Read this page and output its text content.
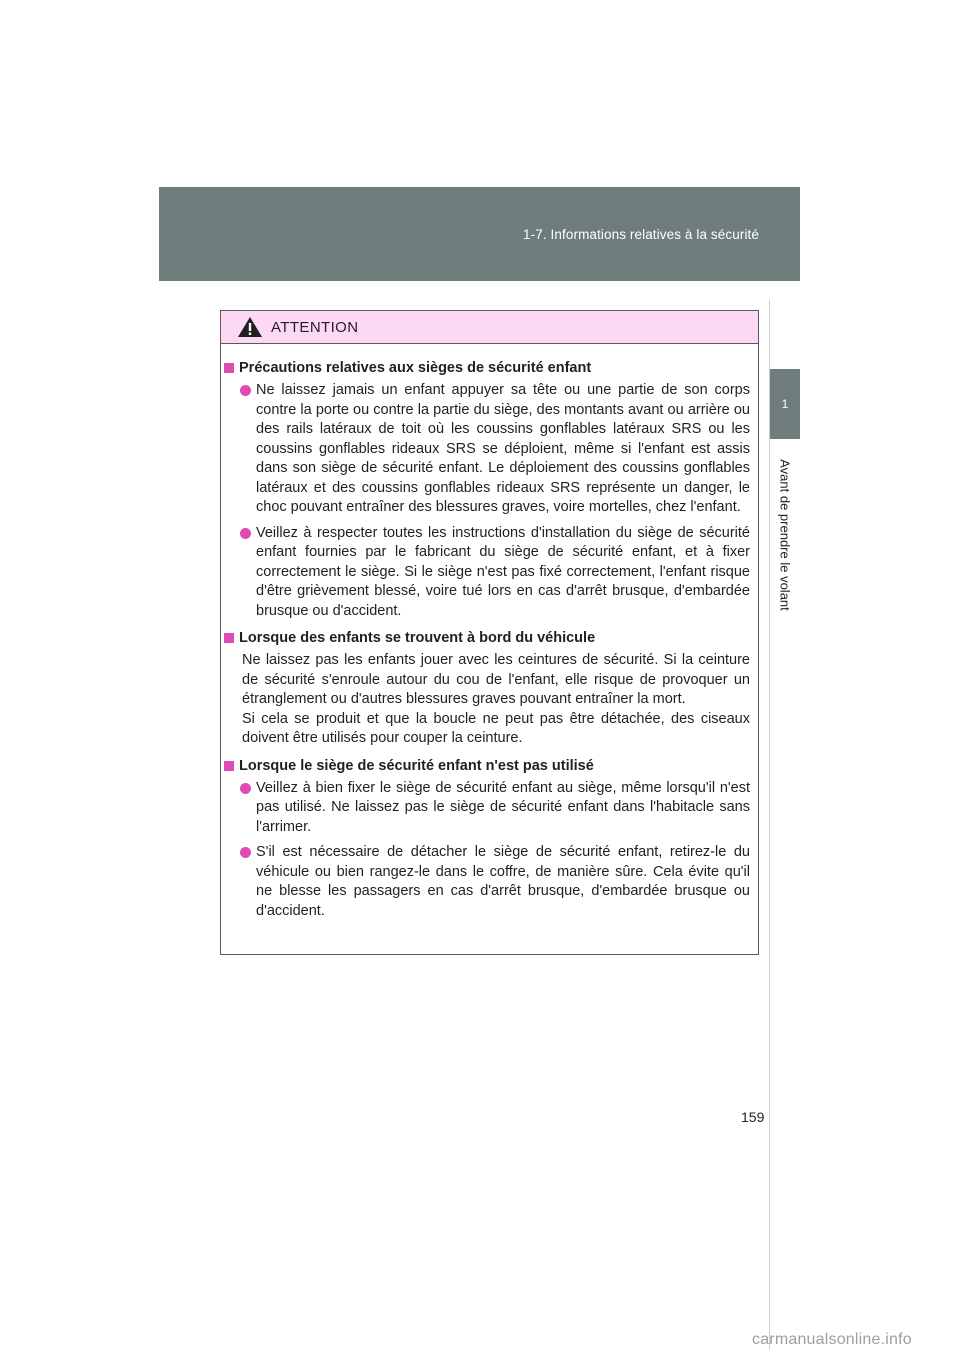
1-7. Informations relatives à la sécurité
1
Avant de prendre le volant
ATTENTION
Précautions relatives aux sièges de sécurité enfant
Ne laissez jamais un enfant appuyer sa tête ou une partie de son corps contre la porte ou contre la partie du siège, des montants avant ou arrière ou des rails latéraux de toit où les coussins gonflables latéraux SRS ou les coussins gonflables rideaux SRS se déploient, même si l'enfant est assis dans son siège de sécurité enfant. Le déploiement des coussins gonflables latéraux et des coussins gonflables rideaux SRS représente un danger, le choc pouvant entraîner des blessures graves, voire mortelles, chez l'enfant.
Veillez à respecter toutes les instructions d'installation du siège de sécurité enfant fournies par le fabricant du siège de sécurité enfant, et à fixer correctement le siège. Si le siège n'est pas fixé correctement, l'enfant risque d'être grièvement blessé, voire tué lors en cas d'arrêt brusque, d'embardée brusque ou d'accident.
Lorsque des enfants se trouvent à bord du véhicule
Ne laissez pas les enfants jouer avec les ceintures de sécurité. Si la ceinture de sécurité s'enroule autour du cou de l'enfant, elle risque de provoquer un étranglement ou d'autres blessures graves pouvant entraîner la mort.
Si cela se produit et que la boucle ne peut pas être détachée, des ciseaux doivent être utilisés pour couper la ceinture.
Lorsque le siège de sécurité enfant n'est pas utilisé
Veillez à bien fixer le siège de sécurité enfant au siège, même lorsqu'il n'est pas utilisé. Ne laissez pas le siège de sécurité enfant dans l'habitacle sans l'arrimer.
S'il est nécessaire de détacher le siège de sécurité enfant, retirez-le du véhicule ou bien rangez-le dans le coffre, de manière sûre. Cela évite qu'il ne blesse les passagers en cas d'arrêt brusque, d'embardée brusque ou d'accident.
159
carmanualsonline.info
